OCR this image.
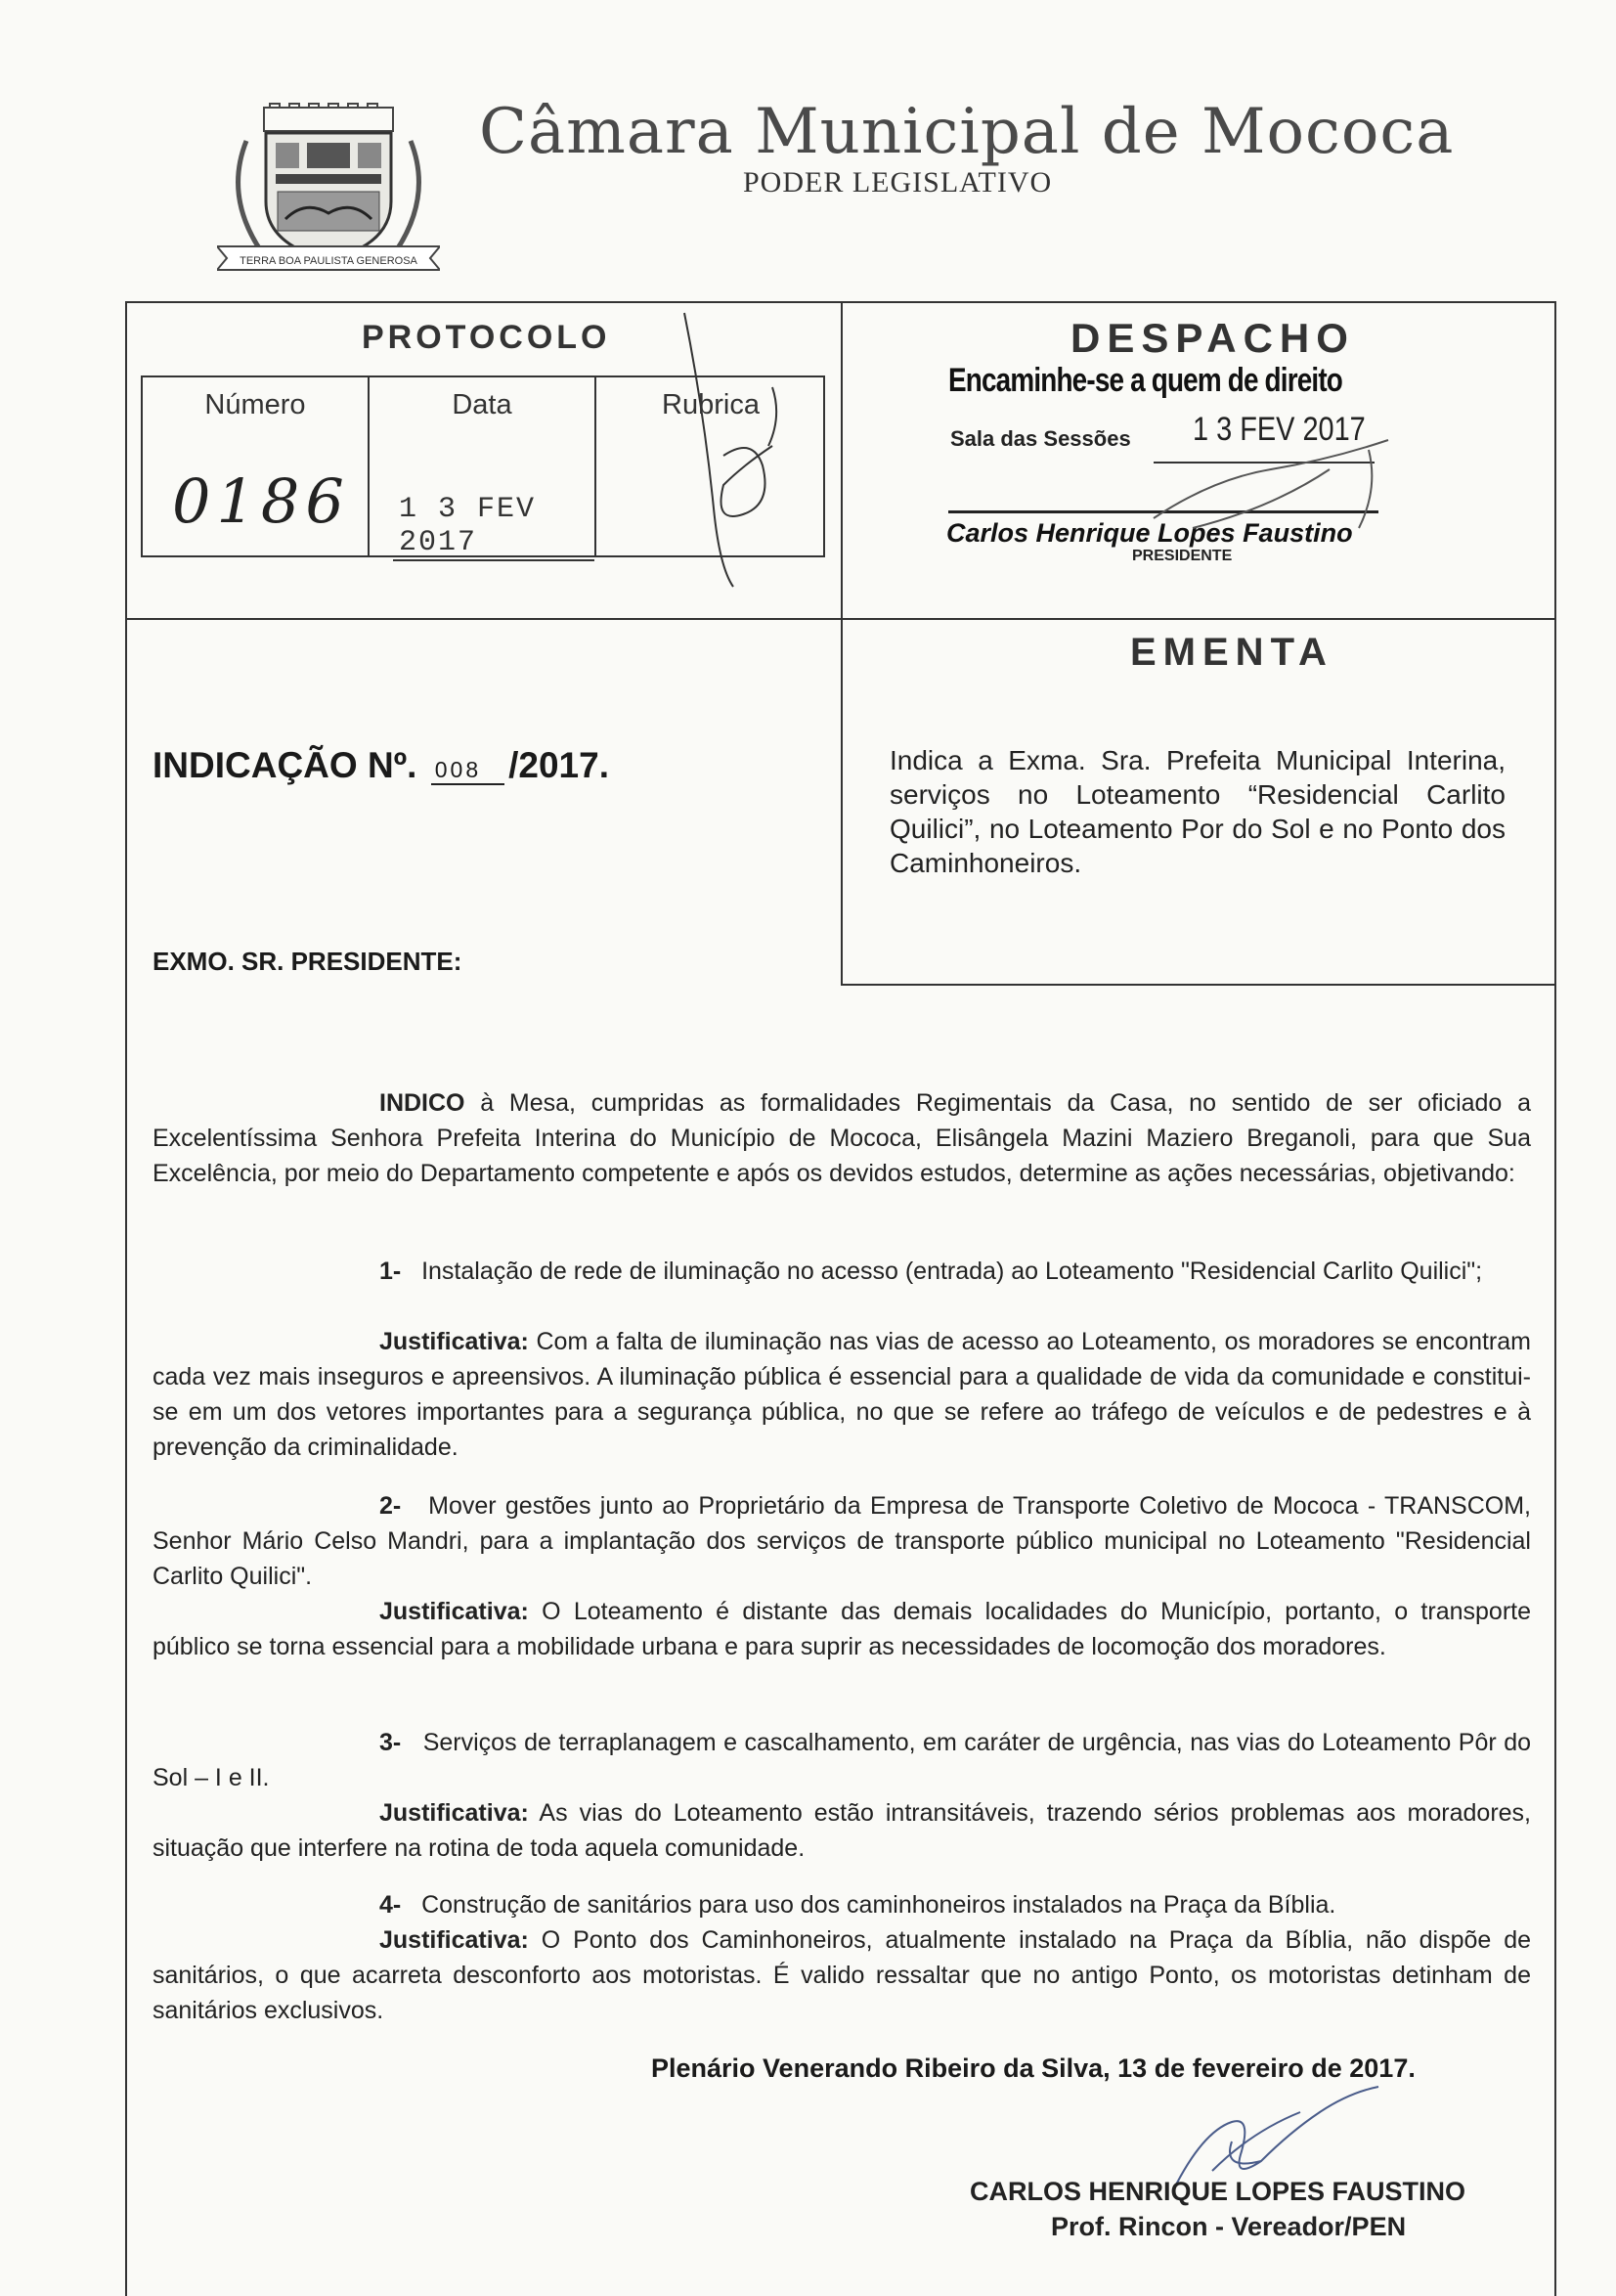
TERRA BOA PAULISTA GENEROSA
Câmara Municipal de Mococa
PODER LEGISLATIVO
PROTOCOLO
Número
0186
Data
1 3 FEV 2017
Rubrica
DESPACHO
Encaminhe-se a quem de direito
Sala das Sessões 1 3 FEV 2017
Carlos Henrique Lopes Faustino
PRESIDENTE
EMENTA
Indica a Exma. Sra. Prefeita Municipal Interina, serviços no Loteamento “Residencial Carlito Quilici”, no Loteamento Por do Sol e no Ponto dos Caminhoneiros.
INDICAÇÃO Nº. 008 /2017.
EXMO. SR. PRESIDENTE:
INDICO à Mesa, cumpridas as formalidades Regimentais da Casa, no sentido de ser oficiado a Excelentíssima Senhora Prefeita Interina do Município de Mococa, Elisângela Mazini Maziero Breganoli, para que Sua Excelência, por meio do Departamento competente e após os devidos estudos, determine as ações necessárias, objetivando:
1- Instalação de rede de iluminação no acesso (entrada) ao Loteamento "Residencial Carlito Quilici";
Justificativa: Com a falta de iluminação nas vias de acesso ao Loteamento, os moradores se encontram cada vez mais inseguros e apreensivos. A iluminação pública é essencial para a qualidade de vida da comunidade e constitui-se em um dos vetores importantes para a segurança pública, no que se refere ao tráfego de veículos e de pedestres e à prevenção da criminalidade.
2- Mover gestões junto ao Proprietário da Empresa de Transporte Coletivo de Mococa - TRANSCOM, Senhor Mário Celso Mandri, para a implantação dos serviços de transporte público municipal no Loteamento "Residencial Carlito Quilici".
Justificativa: O Loteamento é distante das demais localidades do Município, portanto, o transporte público se torna essencial para a mobilidade urbana e para suprir as necessidades de locomoção dos moradores.
3- Serviços de terraplanagem e cascalhamento, em caráter de urgência, nas vias do Loteamento Pôr do Sol – I e II.
Justificativa: As vias do Loteamento estão intransitáveis, trazendo sérios problemas aos moradores, situação que interfere na rotina de toda aquela comunidade.
4- Construção de sanitários para uso dos caminhoneiros instalados na Praça da Bíblia.
Justificativa: O Ponto dos Caminhoneiros, atualmente instalado na Praça da Bíblia, não dispõe de sanitários, o que acarreta desconforto aos motoristas. É valido ressaltar que no antigo Ponto, os motoristas detinham de sanitários exclusivos.
Plenário Venerando Ribeiro da Silva, 13 de fevereiro de 2017.
CARLOS HENRIQUE LOPES FAUSTINO
Prof. Rincon - Vereador/PEN
